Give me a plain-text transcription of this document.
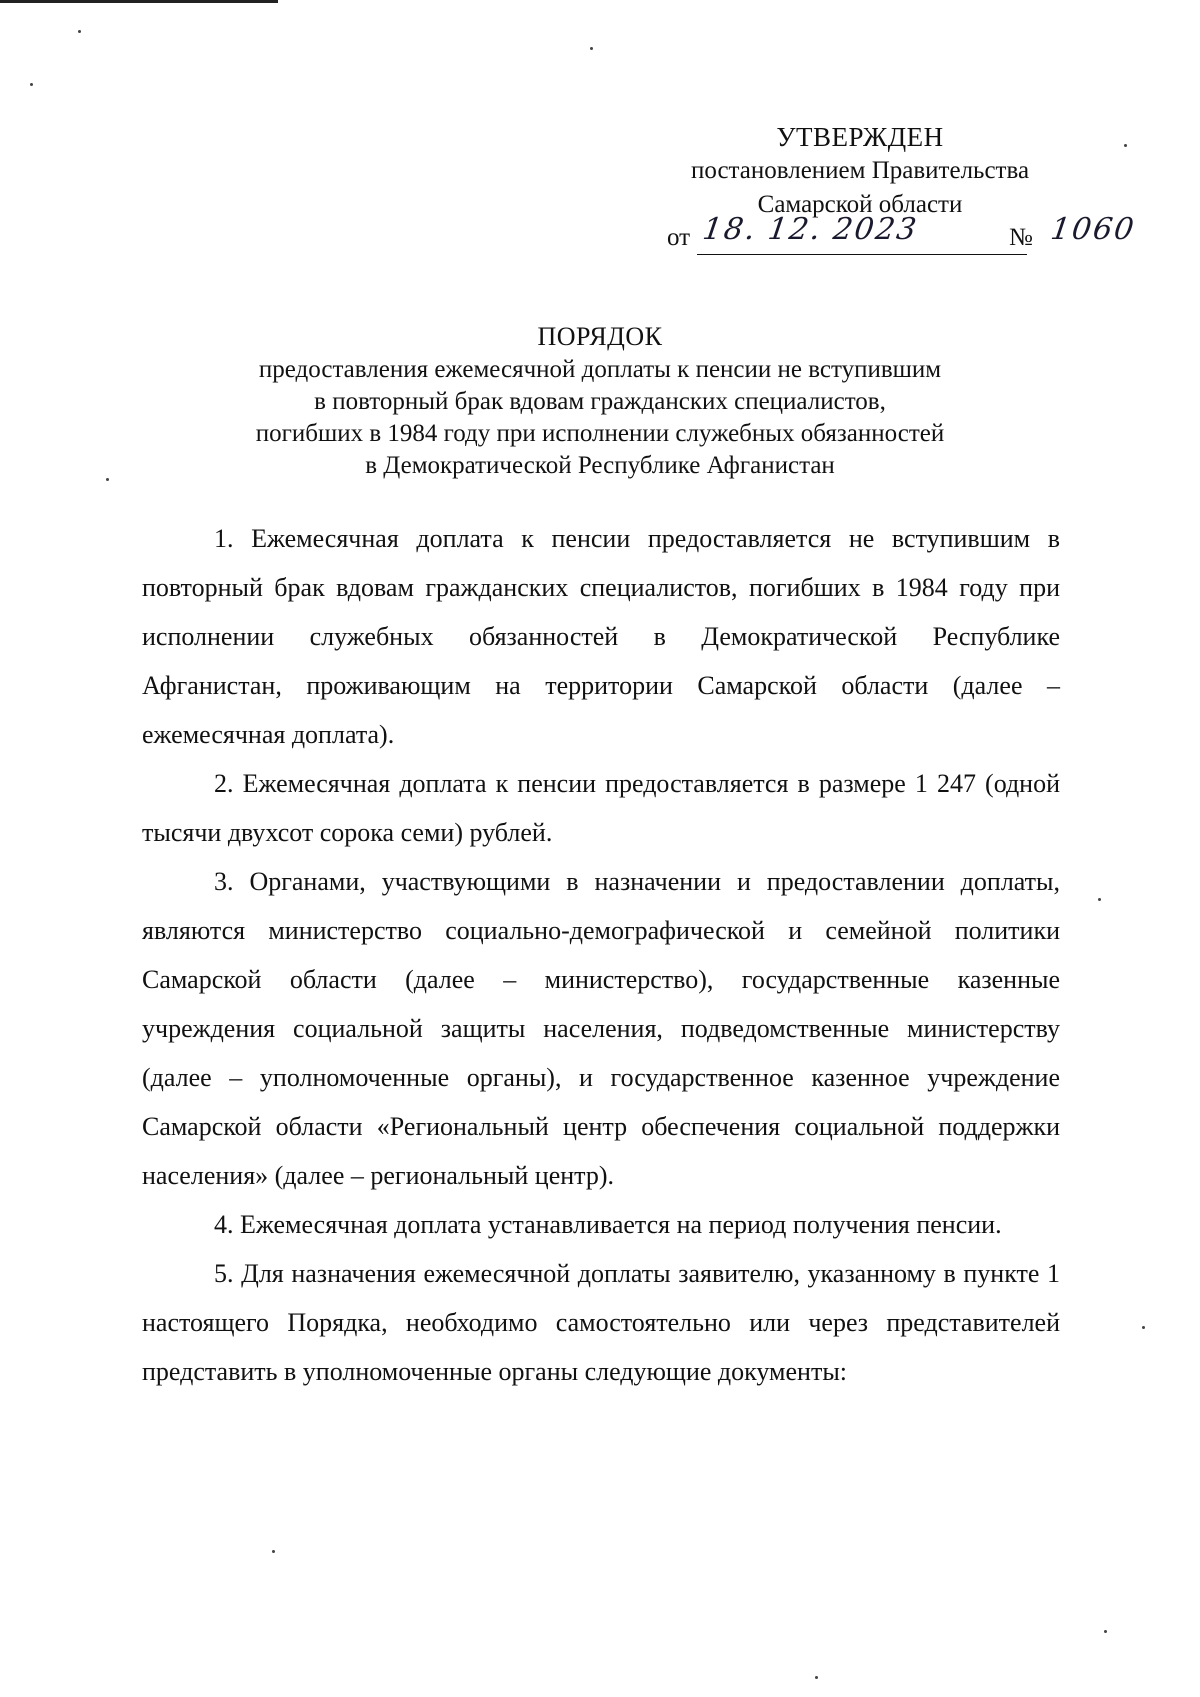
УТВЕРЖДЕН
постановлением Правительства
Самарской области
от 18. 12. 2023	№ 1060
ПОРЯДОК
предоставления ежемесячной доплаты к пенсии не вступившим
в повторный брак вдовам гражданских специалистов,
погибших в 1984 году при исполнении служебных обязанностей
в Демократической Республике Афганистан

1. Ежемесячная доплата к пенсии предоставляется не вступившим в повторный брак вдовам гражданских специалистов, погибших в 1984 году при исполнении служебных обязанностей в Демократической Республике Афганистан, проживающим на территории Самарской области (далее – ежемесячная доплата).

2. Ежемесячная доплата к пенсии предоставляется в размере 1 247 (одной тысячи двухсот сорока семи) рублей.

3. Органами, участвующими в назначении и предоставлении доплаты, являются министерство социально-демографической и семейной политики Самарской области (далее – министерство), государственные казенные учреждения социальной защиты населения, подведомственные министерству (далее – уполномоченные органы), и государственное казенное учреждение Самарской области «Региональный центр обеспечения социальной поддержки населения» (далее – региональный центр).

4. Ежемесячная доплата устанавливается на период получения пенсии.

5. Для назначения ежемесячной доплаты заявителю, указанному в пункте 1 настоящего Порядка, необходимо самостоятельно или через представителей представить в уполномоченные органы следующие документы:
